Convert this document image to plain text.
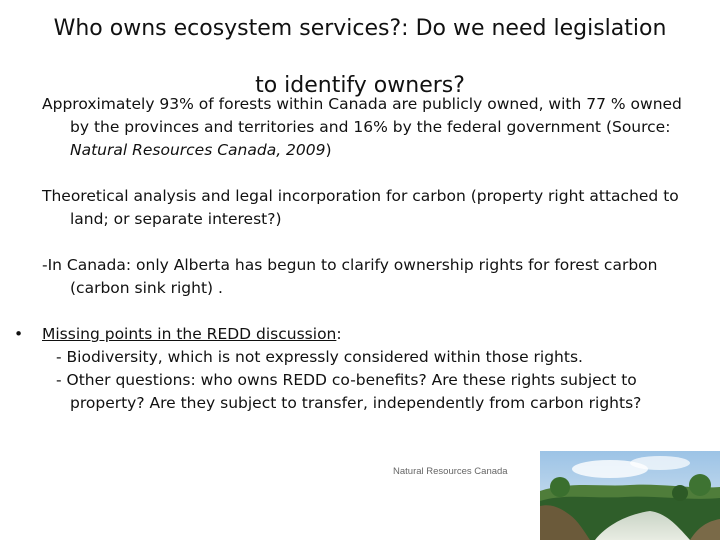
Who owns ecosystem services?: Do we need legislation
to identify owners?

Approximately 93% of forests within Canada are publicly owned, with 77 % owned by the provinces and territories and 16% by the federal government (Source: Natural Resources Canada, 2009)

Theoretical analysis and legal incorporation for carbon (property right attached to land; or separate interest?)

-In Canada: only Alberta has begun to clarify ownership rights for forest carbon (carbon sink right) .

• Missing points in the REDD discussion:

- Biodiversity, which is not expressly considered within those rights.

- Other questions: who owns REDD co-benefits? Are these rights subject to property? Are they subject to transfer, independently from carbon rights?

Natural Resources Canada
